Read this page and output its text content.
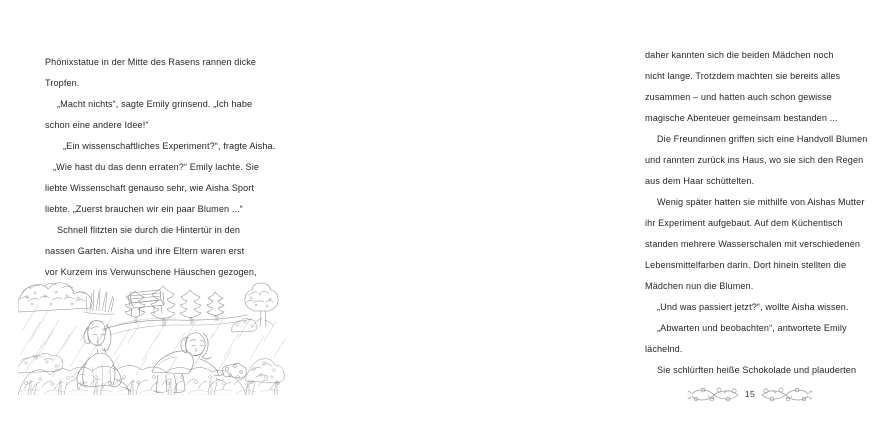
Phönixstatue in der Mitte des Rasens rannen dicke
Tropfen.
„Macht nichts“, sagte Emily grinsend. „Ich habe
schon eine andere Idee!“
„Ein wissenschaftliches Experiment?“, fragte Aisha.
„Wie hast du das denn erraten?“ Emily lachte. Sie
liebte Wissenschaft genauso sehr, wie Aisha Sport
liebte. „Zuerst brauchen wir ein paar Blumen ...“
Schnell flitzten sie durch die Hintertür in den
nassen Garten. Aisha und ihre Eltern waren erst
vor Kurzem ins Verwunschene Häuschen gezogen,
daher kannten sich die beiden Mädchen noch
nicht lange. Trotzdem machten sie bereits alles
zusammen – und hatten auch schon gewisse
magische Abenteuer gemeinsam bestanden ...
Die Freundinnen griffen sich eine Handvoll Blumen
und rannten zurück ins Haus, wo sie sich den Regen
aus dem Haar schüttelten.
Wenig später hatten sie mithilfe von Aishas Mutter
ihr Experiment aufgebaut. Auf dem Küchentisch
standen mehrere Wasserschalen mit verschiedenen
Lebensmittelfarben darin. Dort hinein stellten die
Mädchen nun die Blumen.
„Und was passiert jetzt?“, wollte Aisha wissen.
„Abwarten und beobachten“, antwortete Emily
lächelnd.
Sie schlürften heiße Schokolade und plauderten
15
